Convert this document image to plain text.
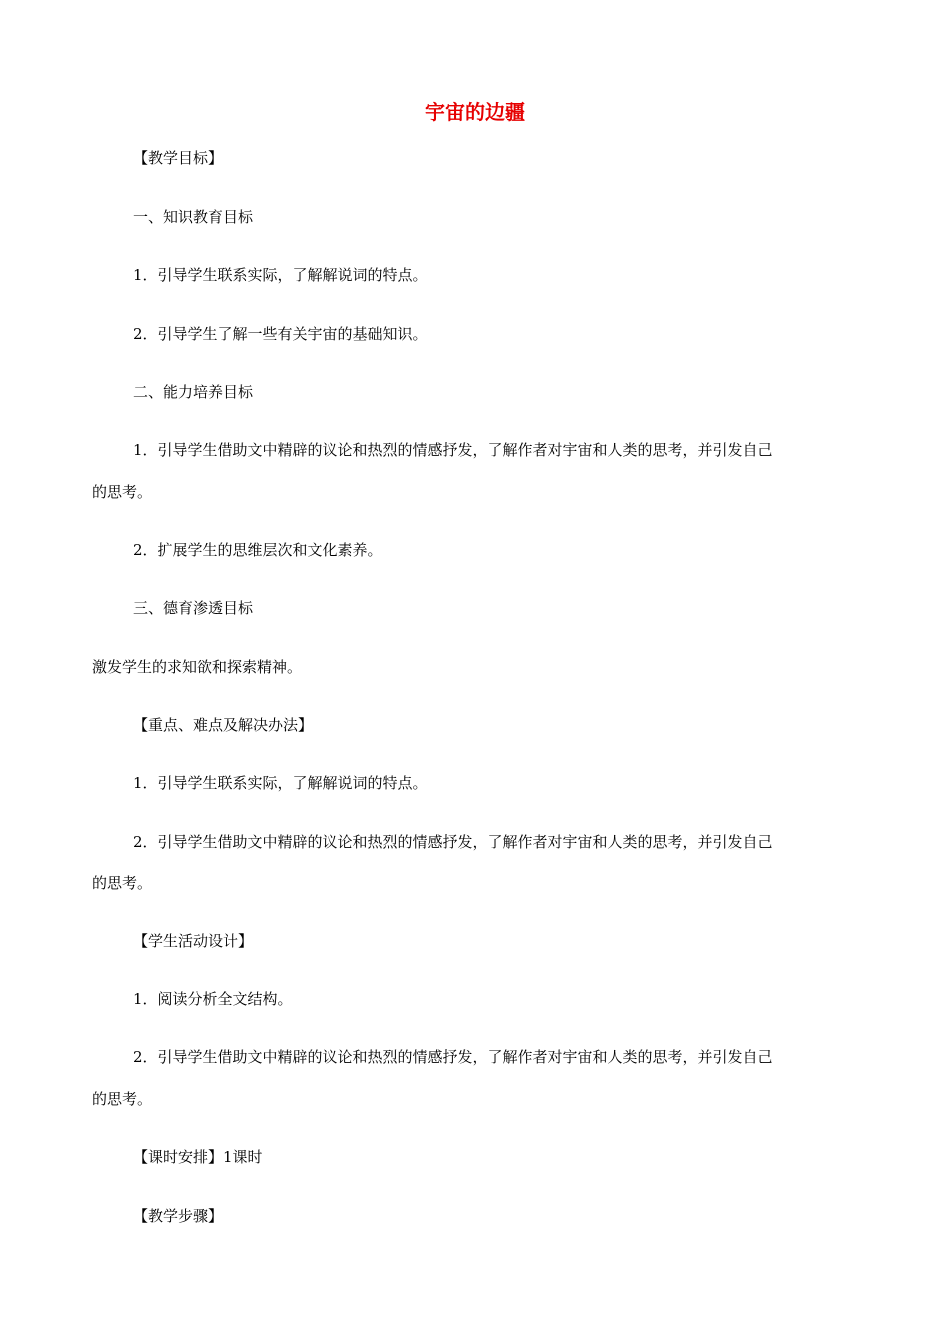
宇宙的边疆
【教学目标】
一、知识教育目标
1．引导学生联系实际，了解解说词的特点。
2．引导学生了解一些有关宇宙的基础知识。
二、能力培养目标
1．引导学生借助文中精辟的议论和热烈的情感抒发，了解作者对宇宙和人类的思考，并引发自己
的思考。
2．扩展学生的思维层次和文化素养。
三、德育渗透目标
激发学生的求知欲和探索精神。
【重点、难点及解决办法】
1．引导学生联系实际，了解解说词的特点。
2．引导学生借助文中精辟的议论和热烈的情感抒发，了解作者对宇宙和人类的思考，并引发自己
的思考。
【学生活动设计】
1．阅读分析全文结构。
2．引导学生借助文中精辟的议论和热烈的情感抒发，了解作者对宇宙和人类的思考，并引发自己
的思考。
【课时安排】1课时
【教学步骤】
